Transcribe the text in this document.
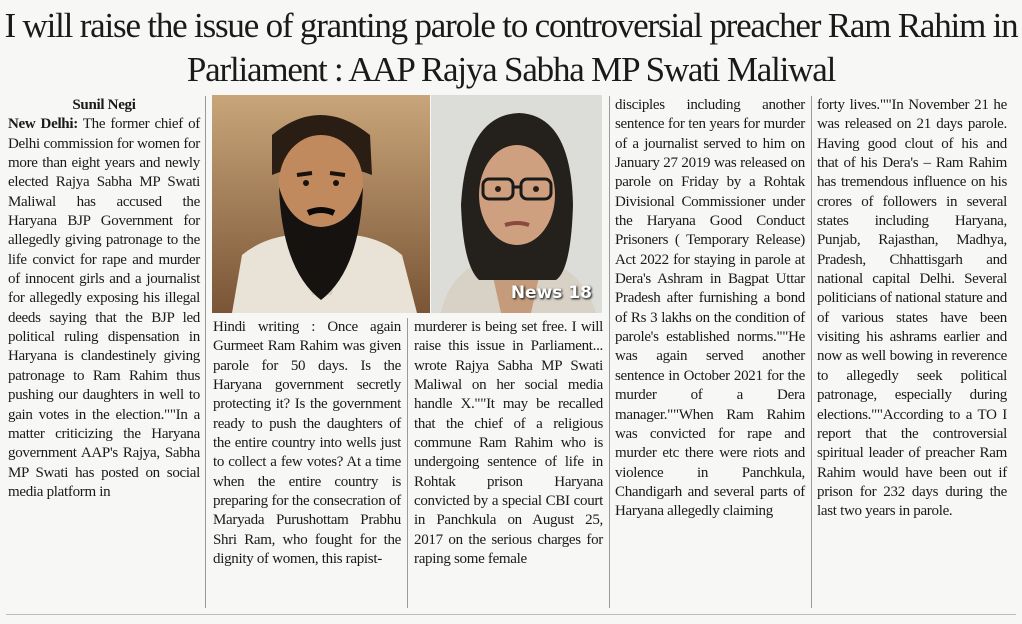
I will raise the issue of granting parole to controversial preacher Ram Rahim in Parliament : AAP Rajya Sabha MP Swati Maliwal

Sunil Negi

New Delhi: The former chief of Delhi commission for women for more than eight years and newly elected Rajya Sabha MP Swati Maliwal has accused the Haryana BJP Government for allegedly giving patronage to the life convict for rape and murder of innocent girls and a journalist for allegedly exposing his illegal deeds saying that the BJP led political ruling dispensation in Haryana is clandestinely giving patronage to Ram Rahim thus pushing our daughters in well to gain votes in the election.""In a matter criticizing the Haryana government AAP's Rajya, Sabha MP Swati has posted on social media platform in

News 18

Hindi writing : Once again Gurmeet Ram Rahim was given parole for 50 days. Is the Haryana government secretly protecting it? Is the government ready to push the daughters of the entire country into wells just to collect a few votes? At a time when the entire country is preparing for the consecration of Maryada Purushottam Prabhu Shri Ram, who fought for the dignity of women, this rapist-

murderer is being set free. I will raise this issue in Parliament... wrote Rajya Sabha MP Swati Maliwal on her social media handle X.""It may be recalled that the chief of a religious commune Ram Rahim who is undergoing sentence of life in Rohtak prison Haryana convicted by a special CBI court in Panchkula on August 25, 2017 on the serious charges for raping some female

disciples including another sentence for ten years for murder of a journalist served to him on January 27 2019 was released on parole on Friday by a Rohtak Divisional Commissioner under the Haryana Good Conduct Prisoners ( Temporary Release) Act 2022 for staying in parole at Dera's Ashram in Bagpat Uttar Pradesh after furnishing a bond of Rs 3 lakhs on the condition of parole's established norms.""He was again served another sentence in October 2021 for the murder of a Dera manager.""When Ram Rahim was convicted for rape and murder etc there were riots and violence in Panchkula, Chandigarh and several parts of Haryana allegedly claiming

forty lives.""In November 21 he was released on 21 days parole. Having good clout of his and that of his Dera's – Ram Rahim has tremendous influence on his crores of followers in several states including Haryana, Punjab, Rajasthan, Madhya, Pradesh, Chhattisgarh and national capital Delhi. Several politicians of national stature and of various states have been visiting his ashrams earlier and now as well bowing in reverence to allegedly seek political patronage, especially during elections.""According to a TO I report that the controversial spiritual leader of preacher Ram Rahim would have been out if prison for 232 days during the last two years in parole.
